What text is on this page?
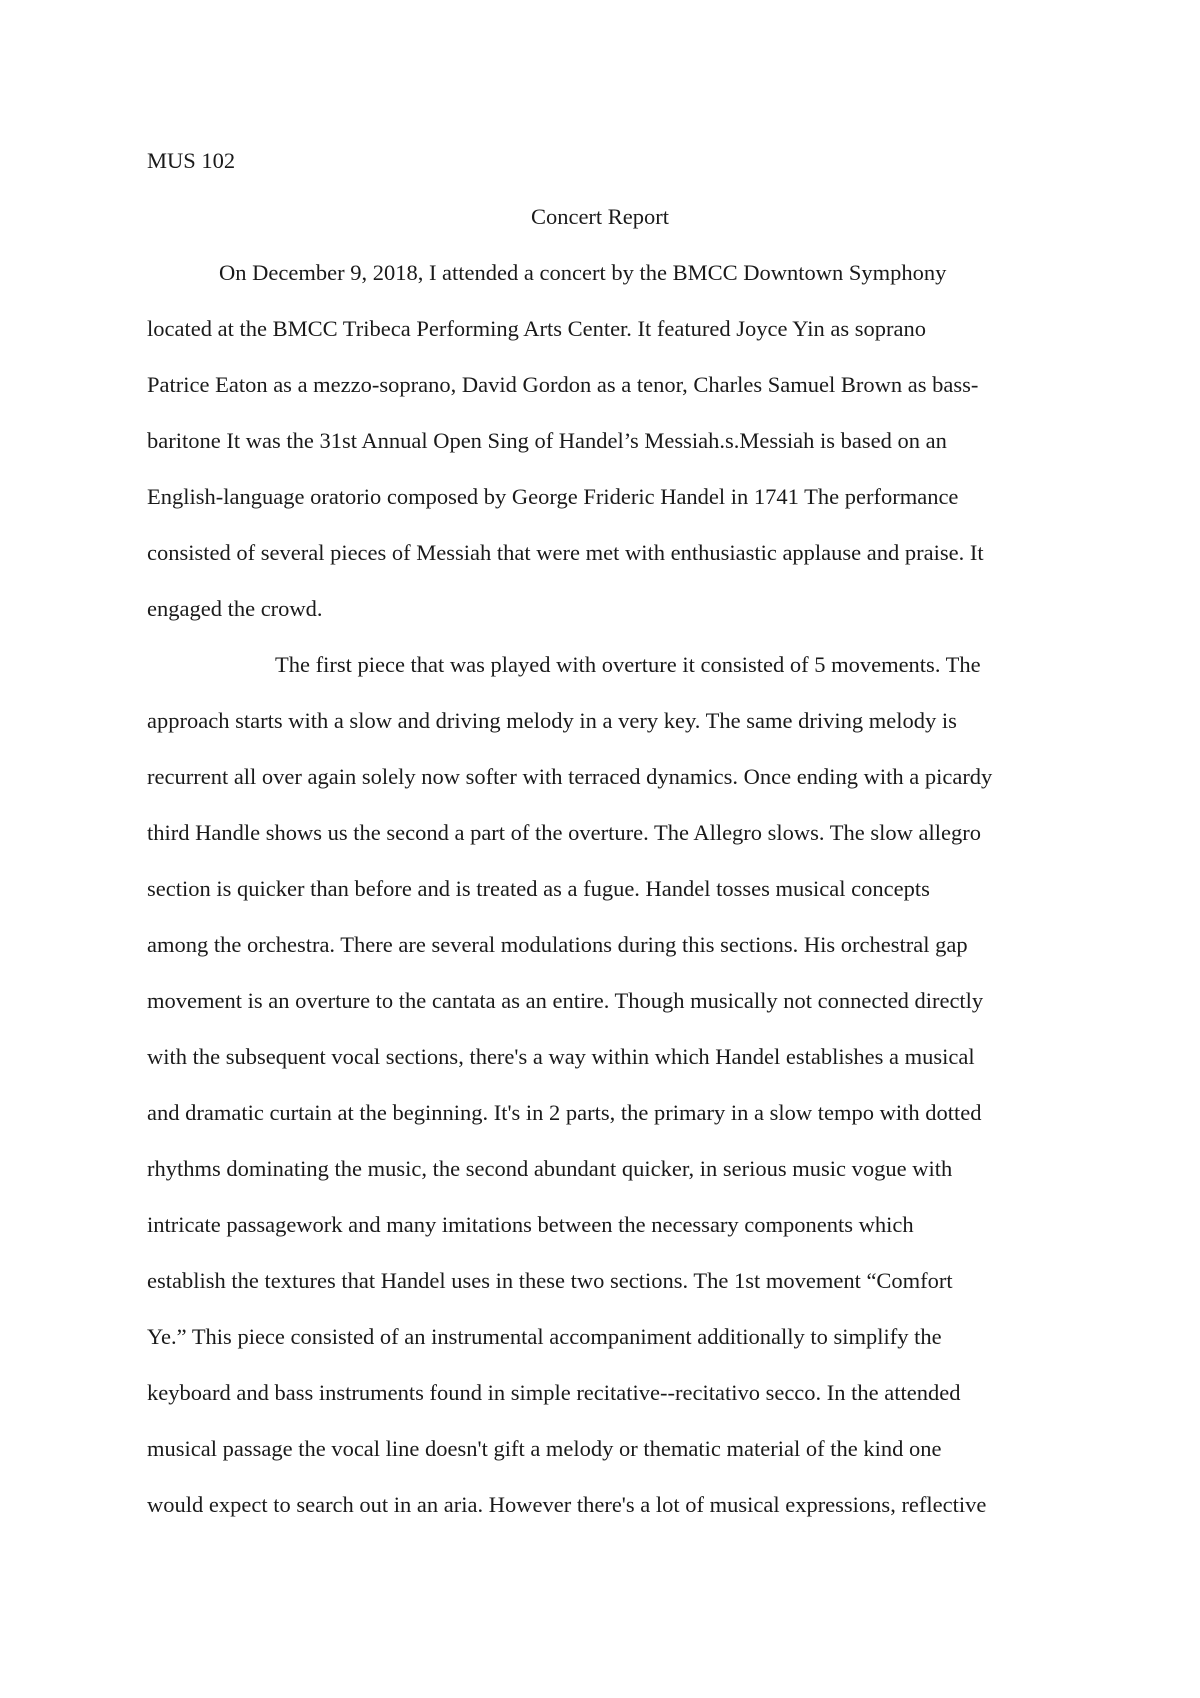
MUS 102
Concert Report
On December 9, 2018, I attended a concert by the BMCC Downtown Symphony
located at the BMCC Tribeca Performing Arts Center. It featured Joyce Yin as soprano
Patrice Eaton as a mezzo-soprano, David Gordon as a tenor, Charles Samuel Brown as bass-
baritone It was the 31st Annual Open Sing of Handel’s Messiah.s.Messiah is based on an
English-language oratorio composed by George Frideric Handel in 1741 The performance
consisted of several pieces of Messiah that were met with enthusiastic applause and praise. It
engaged the crowd.
The first piece that was played with overture it consisted of 5 movements. The
approach starts with a slow and driving melody in a very key. The same driving melody is
recurrent all over again solely now softer with terraced dynamics. Once ending with a picardy
third Handle shows us the second a part of the overture. The Allegro slows. The slow allegro
section is quicker than before and is treated as a fugue. Handel tosses musical concepts
among the orchestra. There are several modulations during this sections. His orchestral gap
movement is an overture to the cantata as an entire. Though musically not connected directly
with the subsequent vocal sections, there's a way within which Handel establishes a musical
and dramatic curtain at the beginning. It's in 2 parts, the primary in a slow tempo with dotted
rhythms dominating the music, the second abundant quicker, in serious music vogue with
intricate passagework and many imitations between the necessary components which
establish the textures that Handel uses in these two sections. The 1st movement “Comfort
Ye.” This piece consisted of an instrumental accompaniment additionally to simplify the
keyboard and bass instruments found in simple recitative--recitativo secco. In the attended
musical passage the vocal line doesn't gift a melody or thematic material of the kind one
would expect to search out in an aria. However there's a lot of musical expressions, reflective
